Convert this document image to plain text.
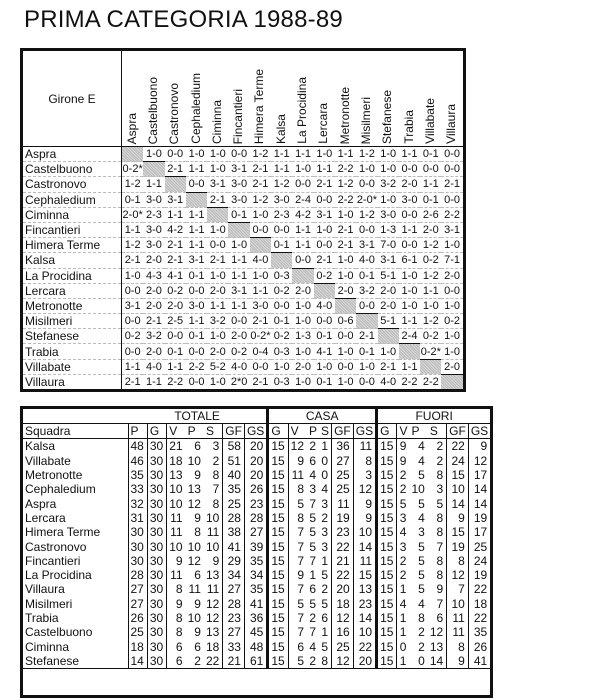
PRIMA CATEGORIA 1988-89
Girone E	Aspra	Castelbuono	Castronovo	Cephaledium	Ciminna	Fincantieri	Himera Terme	Kalsa	La Procidina	Lercara	Metronotte	Misilmeri	Stefanese	Trabia	Villabate	Villaura

Aspra		1-0	0-0	1-0	1-0	0-0	1-2	1-1	1-1	1-0	1-1	1-2	1-0	1-1	0-1	0-0
Castelbuono	0-2*		2-1	1-1	1-0	3-1	2-1	1-1	1-0	1-1	2-2	1-0	1-0	0-0	0-0	0-0
Castronovo	1-2	1-1		0-0	3-1	3-0	2-1	1-2	0-0	2-1	1-2	0-0	3-2	2-0	1-1	2-1
Cephaledium	0-1	3-0	3-1		2-1	3-0	1-2	3-0	2-4	0-0	2-2	2-0*	1-0	3-0	0-1	0-0
Ciminna	2-0*	2-3	1-1	1-1		0-1	1-0	2-3	4-2	3-1	1-0	1-2	3-0	0-0	2-6	2-2
Fincantieri	1-1	3-0	4-2	1-1	1-0		0-0	0-0	1-1	1-0	2-1	0-0	1-3	1-1	2-0	3-1
Himera Terme	1-2	3-0	2-1	1-1	0-0	1-0		0-1	1-1	0-0	2-1	3-1	7-0	0-0	1-2	1-0
Kalsa	2-1	2-0	2-1	3-1	2-1	1-1	4-0		0-0	2-1	1-0	4-0	3-1	6-1	0-2	7-1
La Procidina	1-0	4-3	4-1	0-1	1-0	1-1	1-0	0-3		0-2	1-0	0-1	5-1	1-0	1-2	2-0
Lercara	0-0	2-0	0-2	0-0	2-0	3-1	1-1	0-2	2-0		2-0	3-2	2-0	1-0	1-1	0-0
Metronotte	3-1	2-0	2-0	3-0	1-1	1-1	3-0	0-0	1-0	4-0		0-0	2-0	1-0	1-0	1-0
Misilmeri	0-0	2-1	2-5	1-1	3-2	0-0	2-1	0-1	1-0	0-0	0-6		5-1	1-1	1-2	0-2
Stefanese	0-2	3-2	0-0	0-1	1-0	2-0	0-2*	0-2	1-3	0-1	0-0	2-1		2-4	0-2	1-0
Trabia	0-0	2-0	0-1	0-0	2-0	0-2	0-4	0-3	1-0	4-1	1-0	0-1	1-0		0-2*	1-0
Villabate	1-1	4-0	1-1	2-2	5-2	4-0	0-0	1-0	2-0	1-0	0-0	1-0	2-1	1-1		2-0
Villaura	2-1	1-1	2-2	0-0	1-0	2*0	2-1	0-3	1-0	0-1	1-0	0-0	4-0	2-2	2-2	
	TOTALE							CASA						FUORI					
Squadra	P	G	V	P	S	GF	GS	G	V	P	S	GF	GS	G	V	P	S	GF	GS
Kalsa	48	30	21	6	3	58	20	15	12	2	1	36	11	15	9	4	2	22	9
Villabate	46	30	18	10	2	51	20	15	9	6	0	27	8	15	9	4	2	24	12
Metronotte	35	30	13	9	8	40	20	15	11	4	0	25	3	15	2	5	8	15	17
Cephaledium	33	30	10	13	7	35	26	15	8	3	4	25	12	15	2	10	3	10	14
Aspra	32	30	10	12	8	25	23	15	5	7	3	11	9	15	5	5	5	14	14
Lercara	31	30	11	9	10	28	28	15	8	5	2	19	9	15	3	4	8	9	19
Himera Terme	30	30	11	8	11	38	27	15	7	5	3	23	10	15	4	3	8	15	17
Castronovo	30	30	10	10	10	41	39	15	7	5	3	22	14	15	3	5	7	19	25
Fincantieri	30	30	9	12	9	29	35	15	7	7	1	21	11	15	2	5	8	8	24
La Procidina	28	30	11	6	13	34	34	15	9	1	5	22	15	15	2	5	8	12	19
Villaura	27	30	8	11	11	27	35	15	7	6	2	20	13	15	1	5	9	7	22
Misilmeri	27	30	9	9	12	28	41	15	5	5	5	18	23	15	4	4	7	10	18
Trabia	26	30	8	10	12	23	36	15	7	2	6	12	14	15	1	8	6	11	22
Castelbuono	25	30	8	9	13	27	45	15	7	7	1	16	10	15	1	2	12	11	35
Ciminna	18	30	6	6	18	33	48	15	6	4	5	25	22	15	0	2	13	8	26
Stefanese	14	30	6	2	22	21	61	15	5	2	8	12	20	15	1	0	14	9	41
